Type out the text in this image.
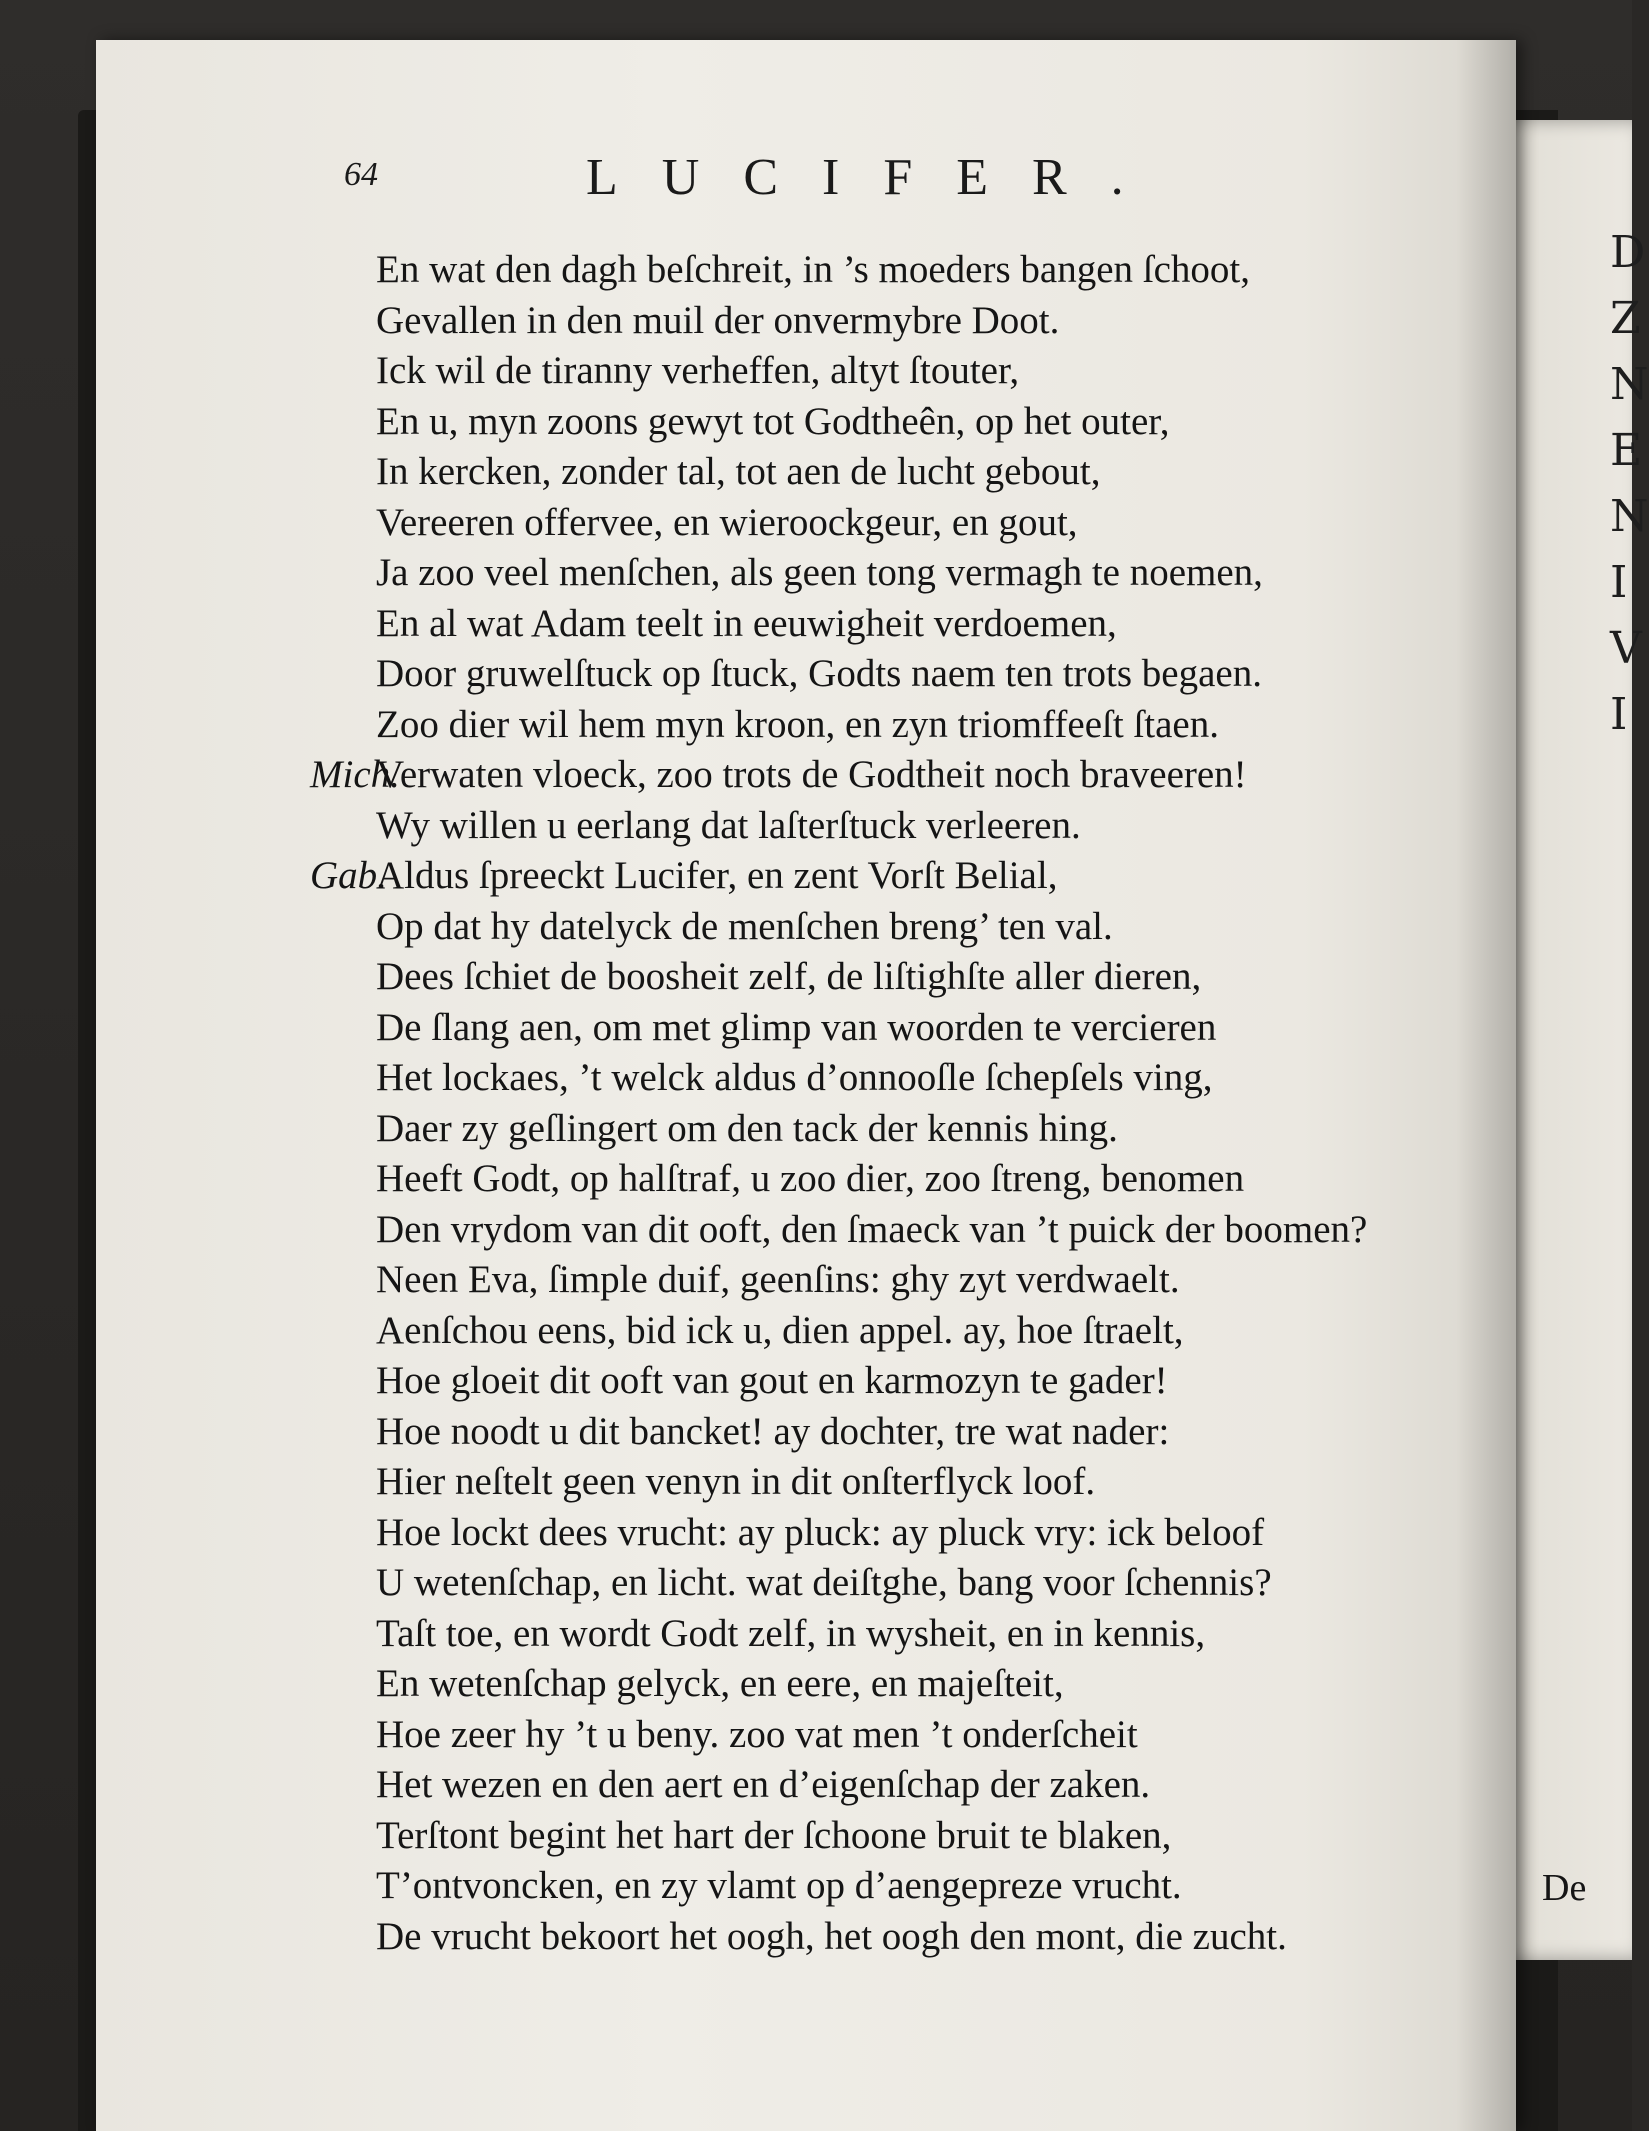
D
Z
N
E
N
I
V
I
64	LUCIFER.
En wat den dagh beſchreit, in ’s moeders bangen ſchoot,
Gevallen in den muil der onvermybre Doot.
Ick wil de tiranny verheffen, altyt ſtouter,
En u, myn zoons gewyt tot Godtheên, op het outer,
In kercken, zonder tal, tot aen de lucht gebout,
Vereeren offervee, en wieroockgeur, en gout,
Ja zoo veel menſchen, als geen tong vermagh te noemen,
En al wat Adam teelt in eeuwigheit verdoemen,
Door gruwelſtuck op ſtuck, Godts naem ten trots begaen.
Zoo dier wil hem myn kroon, en zyn triomffeeſt ſtaen.
Mich.
Verwaten vloeck, zoo trots de Godtheit noch braveeren!
Wy willen u eerlang dat laſterſtuck verleeren.
Gab.
Aldus ſpreeckt Lucifer, en zent Vorſt Belial,
Op dat hy datelyck de menſchen breng’ ten val.
Dees ſchiet de boosheit zelf, de liſtighſte aller dieren,
De ſlang aen, om met glimp van woorden te vercieren
Het lockaes, ’t welck aldus d’onnooſle ſchepſels ving,
Daer zy geſlingert om den tack der kennis hing.
Heeft Godt, op halſtraf, u zoo dier, zoo ſtreng, benomen
Den vrydom van dit ooft, den ſmaeck van ’t puick der boomen?
Neen Eva, ſimple duif, geenſins: ghy zyt verdwaelt.
Aenſchou eens, bid ick u, dien appel. ay, hoe ſtraelt,
Hoe gloeit dit ooft van gout en karmozyn te gader!
Hoe noodt u dit bancket! ay dochter, tre wat nader:
Hier neſtelt geen venyn in dit onſterflyck loof.
Hoe lockt dees vrucht: ay pluck: ay pluck vry: ick beloof
U wetenſchap, en licht. wat deiſtghe, bang voor ſchennis?
Taſt toe, en wordt Godt zelf, in wysheit, en in kennis,
En wetenſchap gelyck, en eere, en majeſteit,
Hoe zeer hy ’t u beny. zoo vat men ’t onderſcheit
Het wezen en den aert en d’eigenſchap der zaken.
Terſtont begint het hart der ſchoone bruit te blaken,
T’ontvoncken, en zy vlamt op d’aengepreze vrucht.
De vrucht bekoort het oogh, het oogh den mont, die zucht.
De
